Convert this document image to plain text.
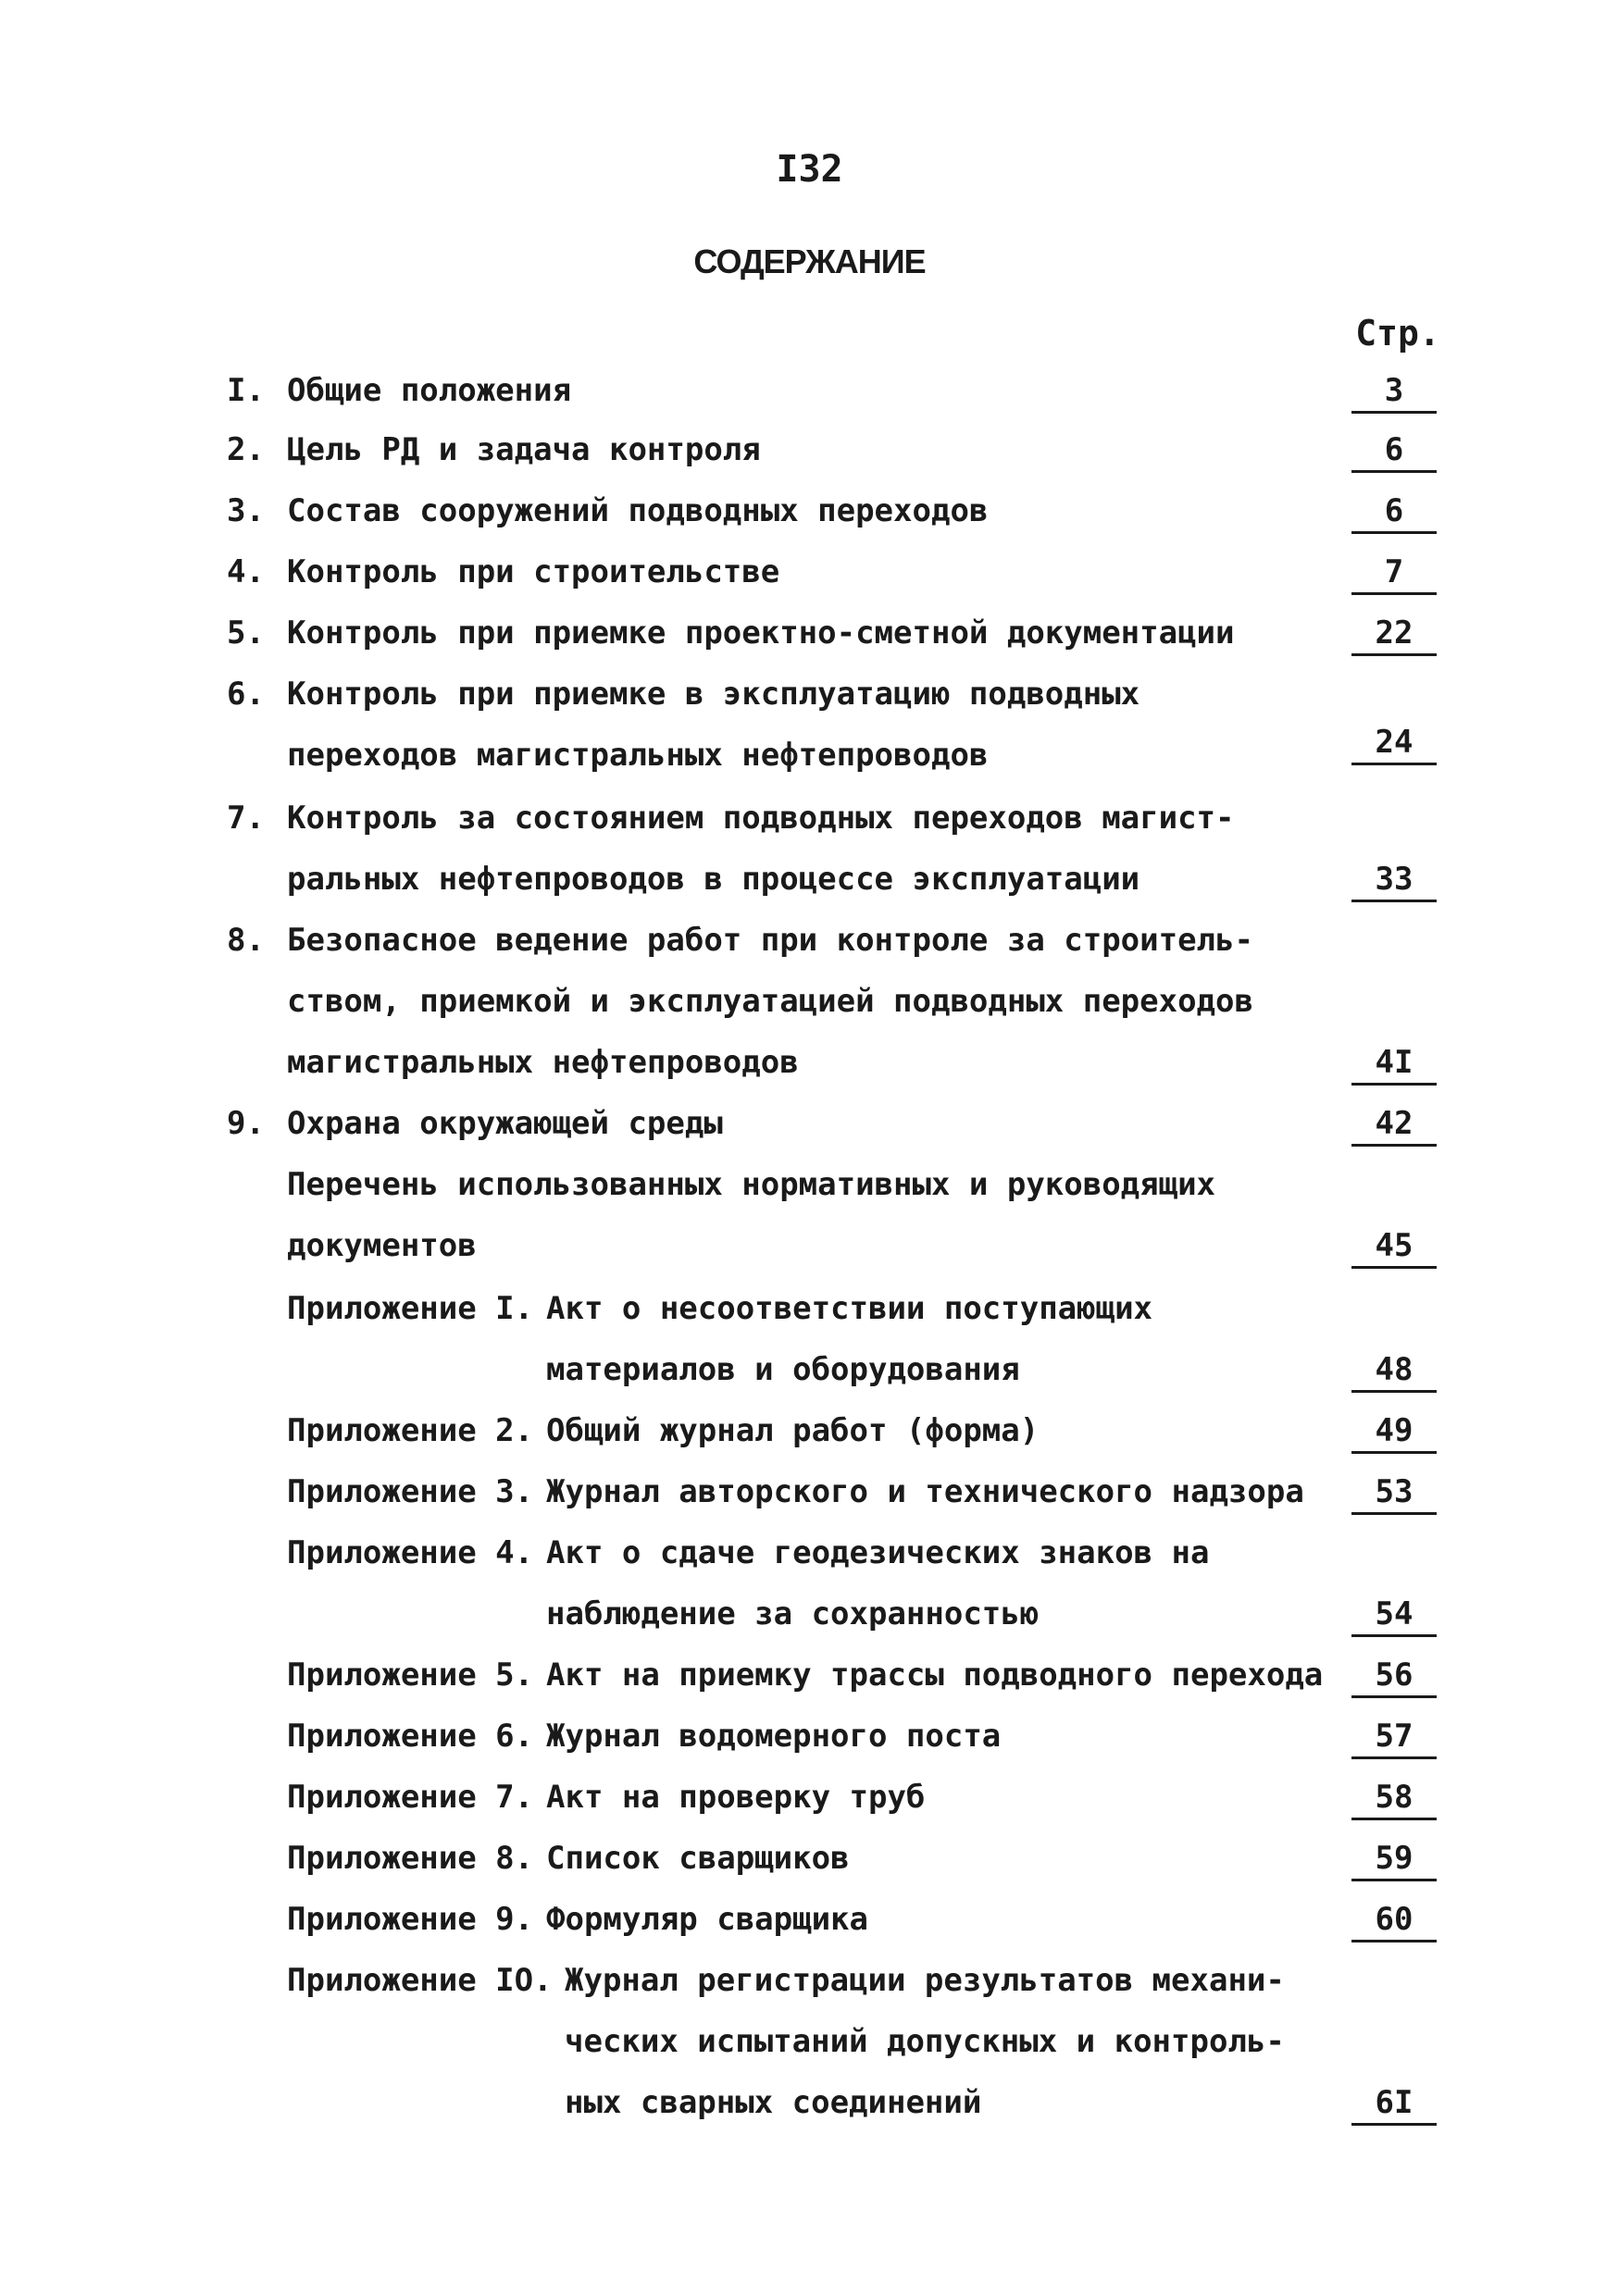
I32
СОДЕРЖАНИЕ
Стр.
I. Общие положения	3
2. Цель РД и задача контроля	6
3. Состав сооружений подводных переходов	6
4. Контроль при строительстве	7
5. Контроль при приемке проектно-сметной документации	22
6. Контроль при приемке в эксплуатацию подводных
переходов магистральных нефтепроводов	24
7. Контроль за состоянием подводных переходов магист-
ральных нефтепроводов в процессе эксплуатации	33
8. Безопасное ведение работ при контроле за строитель-
ством, приемкой и эксплуатацией подводных переходов
магистральных нефтепроводов	4I
9. Охрана окружающей среды	42
Перечень использованных нормативных и руководящих
документов	45
Приложение I. Акт о несоответствии поступающих
материалов и оборудования	48
Приложение 2. Общий журнал работ (форма)	49
Приложение 3. Журнал авторского и технического надзора	53
Приложение 4. Акт о сдаче геодезических знаков на
наблюдение за сохранностью	54
Приложение 5. Акт на приемку трассы подводного перехода	56
Приложение 6. Журнал водомерного поста	57
Приложение 7. Акт на проверку труб	58
Приложение 8. Список сварщиков	59
Приложение 9. Формуляр сварщика	60
Приложение IO. Журнал регистрации результатов механи-
ческих испытаний допускных и контроль-
ных сварных соединений	6I
